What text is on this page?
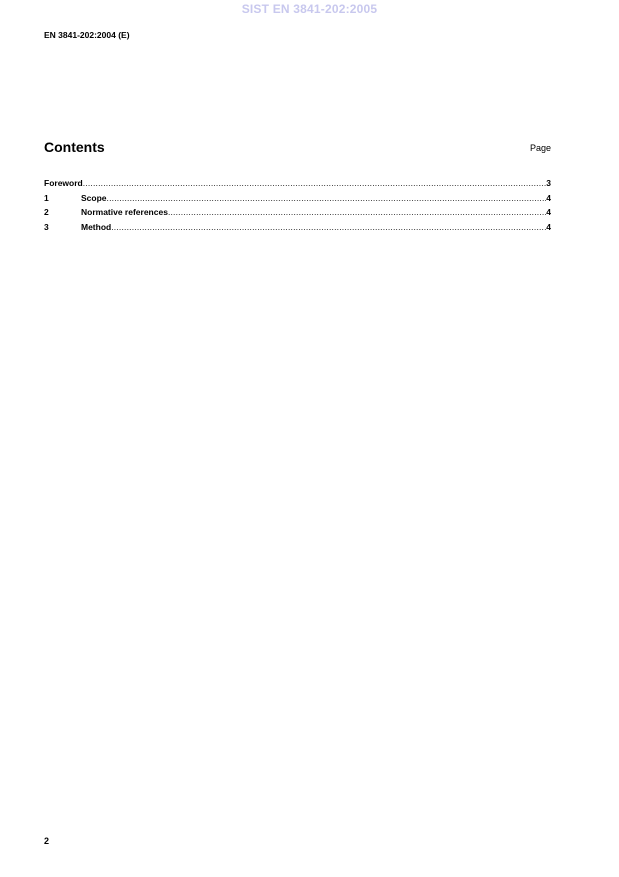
SIST EN 3841-202:2005
EN 3841-202:2004 (E)
Contents	Page
Foreword .....	3
1	Scope .....	4
2	Normative references .....	4
3	Method .....	4
2
